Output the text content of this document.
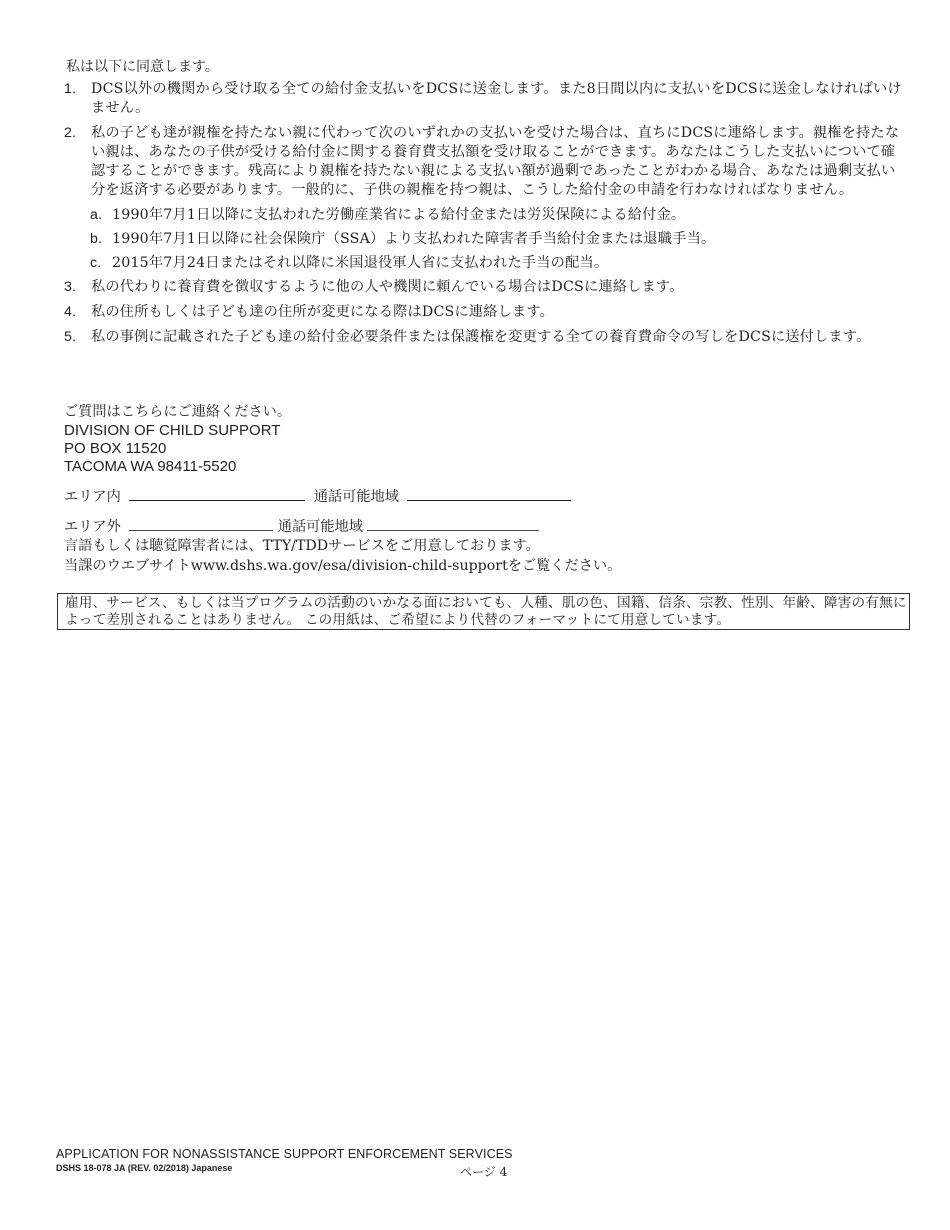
私は以下に同意します。
1. DCS以外の機関から受け取る全ての給付金支払いをDCSに送金します。また8日間以内に支払いをDCSに送金しなければいけません。
2. 私の子ども達が親権を持たない親に代わって次のいずれかの支払いを受けた場合は、直ちにDCSに連絡します。親権を持たない親は、あなたの子供が受ける給付金に関する養育費支払額を受け取ることができます。あなたはこうした支払いについて確認することができます。残高により親権を持たない親による支払い額が過剰であったことがわかる場合、あなたは過剰支払い分を返済する必要があります。一般的に、子供の親権を持つ親は、こうした給付金の申請を行わなければなりません。
a. 1990年7月1日以降に支払われた労働産業省による給付金または労災保険による給付金。
b. 1990年7月1日以降に社会保険庁（SSA）より支払われた障害者手当給付金または退職手当。
c. 2015年7月24日またはそれ以降に米国退役軍人省に支払われた手当の配当。
3. 私の代わりに養育費を徴収するように他の人や機関に頼んでいる場合はDCSに連絡します。
4. 私の住所もしくは子ども達の住所が変更になる際はDCSに連絡します。
5. 私の事例に記載された子ども達の給付金必要条件または保護権を変更する全ての養育費命令の写しをDCSに送付します。
ご質問はこちらにご連絡ください。
DIVISION OF CHILD SUPPORT
PO BOX 11520
TACOMA WA 98411-5520
エリア内	通話可能地域
エリア外	通話可能地域
言語もしくは聴覚障害者には、TTY/TDDサービスをご用意しております。
当課のウエブサイトwww.dshs.wa.gov/esa/division-child-supportをご覧ください。
雇用、サービス、もしくは当プログラムの活動のいかなる面においても、人種、肌の色、国籍、信条、宗教、性別、年齢、障害の有無によって差別されることはありません。 この用紙は、ご希望により代替のフォーマットにて用意しています。
APPLICATION FOR NONASSISTANCE SUPPORT ENFORCEMENT SERVICES
DSHS 18-078 JA (REV. 02/2018) Japanese	ページ 4
